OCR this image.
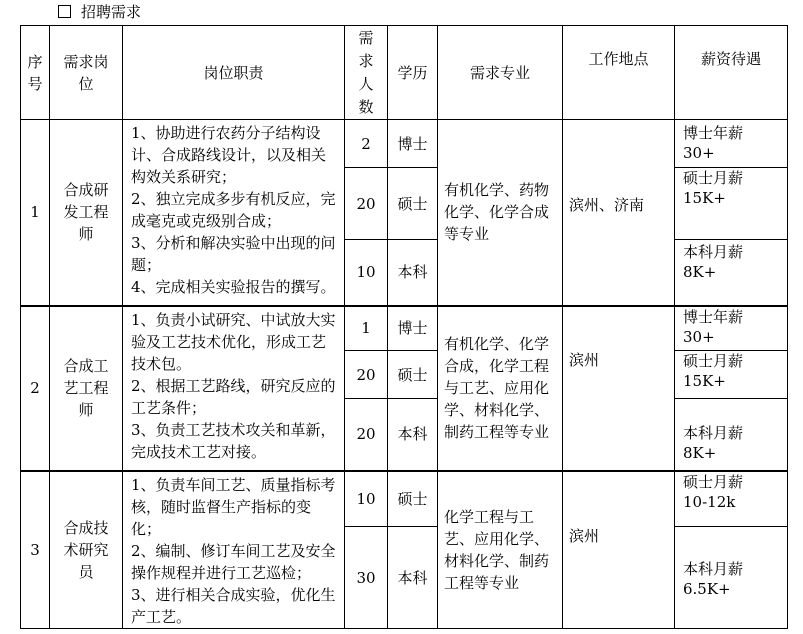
招聘需求
序号	需求岗位	岗位职责	需求人数	学历	需求专业	工作地点	薪资待遇
1	合成研发工程师	1、协助进行农药分子结构设计、合成路线设计，以及相关构效关系研究；
2、独立完成多步有机反应，完成毫克或克级别合成；
3、分析和解决实验中出现的问题；
4、完成相关实验报告的撰写。	2	博士	有机化学、药物化学、化学合成等专业	滨州、济南	博士年薪 30+
			20	硕士			硕士月薪
15K+
			10	本科			本科月薪 8K+
2	合成工艺工程师	1、负责小试研究、中试放大实验及工艺技术优化，形成工艺技术包。
2、根据工艺路线，研究反应的工艺条件；
3、负责工艺技术攻关和革新，完成技术工艺对接。	1	博士	有机化学、化学合成，化学工程与工艺、应用化学、材料化学、制药工程等专业	滨州	博士年薪 30+
			20	硕士			硕士月薪
15K+
			20	本科			本科月薪 8K+
3	合成技术研究员	1、负责车间工艺、质量指标考核，随时监督生产指标的变化；
2、编制、修订车间工艺及安全操作规程并进行工艺巡检；
3、进行相关合成实验，优化生产工艺。	10	硕士	化学工程与工艺、应用化学、材料化学、制药工程等专业	滨州	硕士月薪
10-12k
			30	本科			本科月薪
6.5K+
